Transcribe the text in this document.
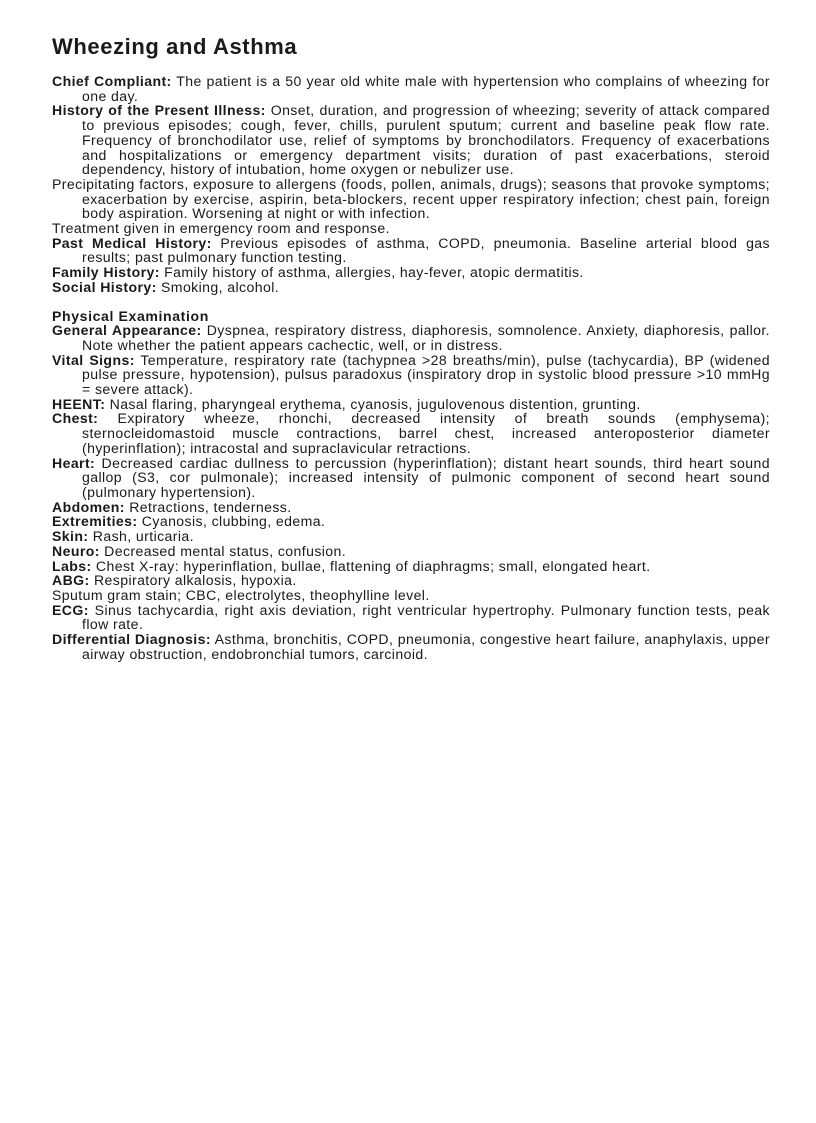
Wheezing and Asthma

Chief Compliant: The patient is a 50 year old white male with hypertension who complains of wheezing for one day.

History of the Present Illness: Onset, duration, and progression of wheezing; severity of attack compared to previous episodes; cough, fever, chills, purulent sputum; current and baseline peak flow rate. Frequency of bronchodilator use, relief of symptoms by bronchodilators. Frequency of exacerbations and hospitalizations or emergency department visits; duration of past exacerbations, steroid dependency, history of intubation, home oxygen or nebulizer use.

Precipitating factors, exposure to allergens (foods, pollen, animals, drugs); seasons that provoke symptoms; exacerbation by exercise, aspirin, beta-blockers, recent upper respiratory infection; chest pain, foreign body aspiration. Worsening at night or with infection.

Treatment given in emergency room and response.

Past Medical History: Previous episodes of asthma, COPD, pneumonia. Baseline arterial blood gas results; past pulmonary function testing.

Family History: Family history of asthma, allergies, hay-fever, atopic dermatitis.

Social History: Smoking, alcohol.

Physical Examination

General Appearance: Dyspnea, respiratory distress, diaphoresis, somnolence. Anxiety, diaphoresis, pallor. Note whether the patient appears cachectic, well, or in distress.

Vital Signs: Temperature, respiratory rate (tachypnea >28 breaths/min), pulse (tachycardia), BP (widened pulse pressure, hypotension), pulsus paradoxus (inspiratory drop in systolic blood pressure >10 mmHg = severe attack).

HEENT: Nasal flaring, pharyngeal erythema, cyanosis, jugulovenous distention, grunting.

Chest: Expiratory wheeze, rhonchi, decreased intensity of breath sounds (emphysema); sternocleidomastoid muscle contractions, barrel chest, increased anteroposterior diameter (hyperinflation); intracostal and supraclavicular retractions.

Heart: Decreased cardiac dullness to percussion (hyperinflation); distant heart sounds, third heart sound gallop (S3, cor pulmonale); increased intensity of pulmonic component of second heart sound (pulmonary hypertension).

Abdomen: Retractions, tenderness.

Extremities: Cyanosis, clubbing, edema.

Skin: Rash, urticaria.

Neuro: Decreased mental status, confusion.

Labs: Chest X-ray: hyperinflation, bullae, flattening of diaphragms; small, elongated heart.

ABG: Respiratory alkalosis, hypoxia.

Sputum gram stain; CBC, electrolytes, theophylline level.

ECG: Sinus tachycardia, right axis deviation, right ventricular hypertrophy. Pulmonary function tests, peak flow rate.

Differential Diagnosis: Asthma, bronchitis, COPD, pneumonia, congestive heart failure, anaphylaxis, upper airway obstruction, endobronchial tumors, carcinoid.
